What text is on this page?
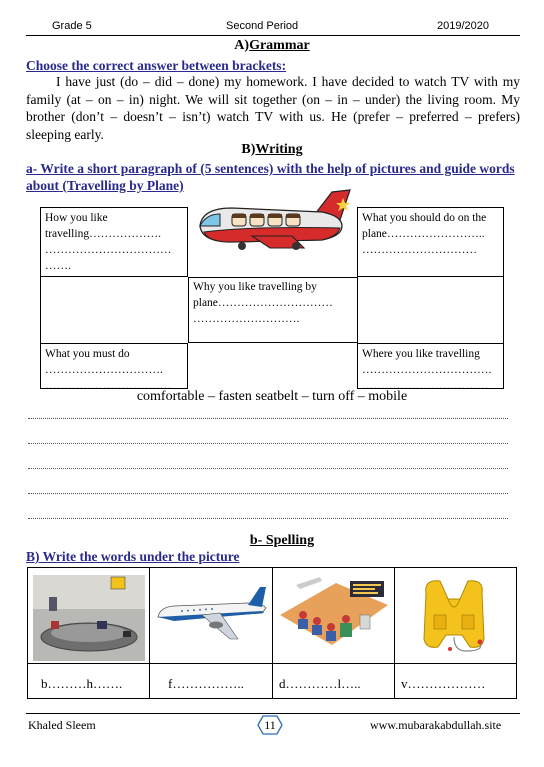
Grade 5	Second Period	2019/2020
A)Grammar
Choose the correct answer between brackets:
I have just (do – did – done) my homework. I have decided to watch TV with my family (at – on – in) night. We will sit together (on – in – under) the living room. My brother (don’t – doesn’t – isn’t) watch TV with us. He (prefer – preferred – prefers) sleeping early.
B)Writing
a- Write a short paragraph of (5 sentences) with the help of pictures and guide words about (Travelling by Plane)
How you like travelling………………. …………………………… …….
What you should do on the plane…………………….. …………………………
Why you like travelling by plane………………………… ……………………….
What you must do …………………………. ……………………………
Where you like travelling ……………………………. ……………………………
comfortable – fasten seatbelt – turn off – mobile
b- Spelling
B) Write the words under the picture
b………h…….	f……………..	d…………l…..	v………………
Khaled Sleem	11	www.mubarakabdullah.site
